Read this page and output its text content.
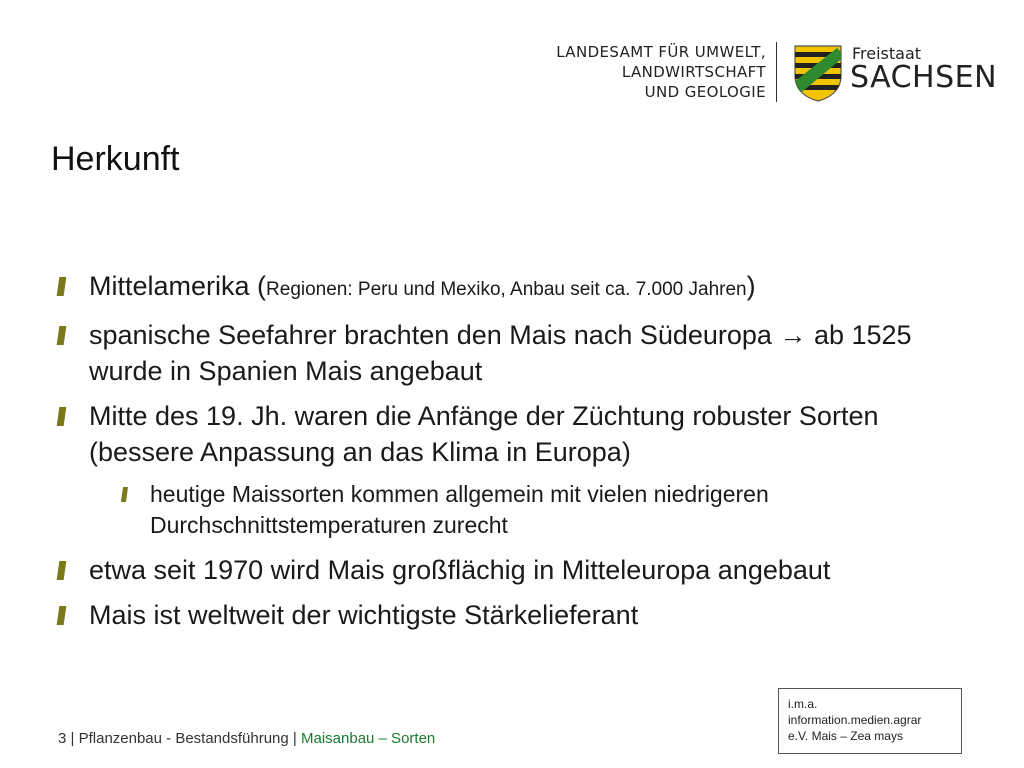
LANDESAMT FÜR UMWELT,
LANDWIRTSCHAFT
UND GEOLOGIE
Freistaat
SACHSEN
Herkunft
Mittelamerika (Regionen: Peru und Mexiko, Anbau seit ca. 7.000 Jahren)
spanische Seefahrer brachten den Mais nach Südeuropa → ab 1525 wurde in Spanien Mais angebaut
Mitte des 19. Jh. waren die Anfänge der Züchtung robuster Sorten (bessere Anpassung an das Klima in Europa)
heutige Maissorten kommen allgemein mit vielen niedrigeren Durchschnittstemperaturen zurecht
etwa seit 1970 wird Mais großflächig in Mitteleuropa angebaut
Mais ist weltweit der wichtigste Stärkelieferant
3 | Pflanzenbau - Bestandsführung | Maisanbau – Sorten
i.m.a.
information.medien.agrar
e.V. Mais – Zea mays
